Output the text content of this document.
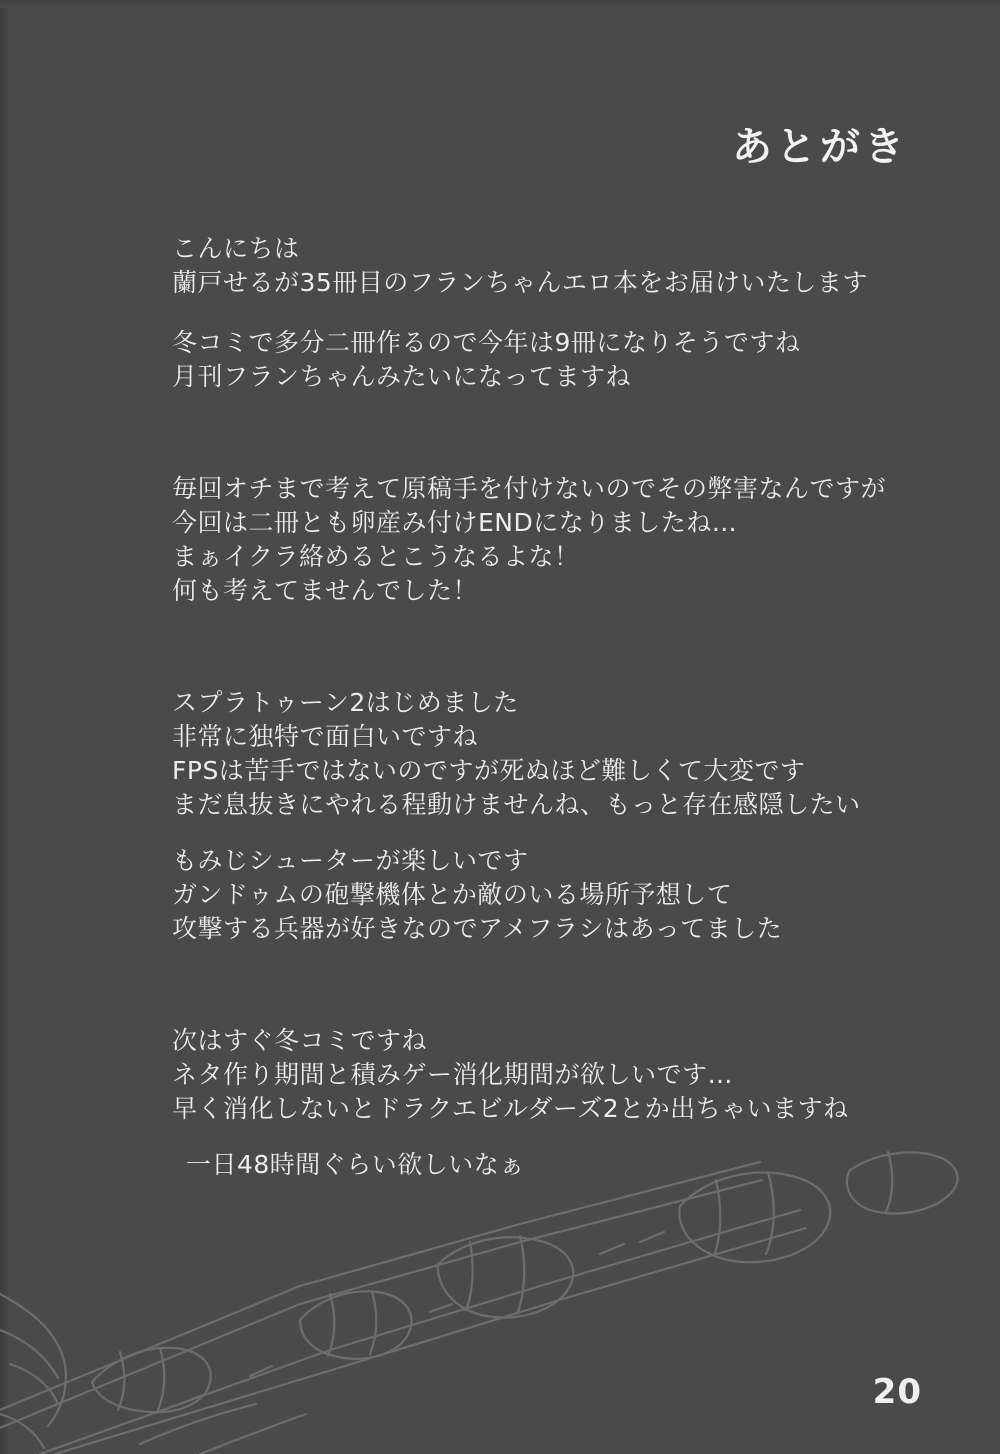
あとがき
こんにちは
蘭戸せるが35冊目のフランちゃんエロ本をお届けいたします
冬コミで多分二冊作るので今年は9冊になりそうですね
月刊フランちゃんみたいになってますね
毎回オチまで考えて原稿手を付けないのでその弊害なんですが
今回は二冊とも卵産み付けENDになりましたね…
まぁイクラ絡めるとこうなるよな！
何も考えてませんでした！
スプラトゥーン2はじめました
非常に独特で面白いですね
FPSは苦手ではないのですが死ぬほど難しくて大変です
まだ息抜きにやれる程動けませんね、もっと存在感隠したい
もみじシューターが楽しいです
ガンドゥムの砲撃機体とか敵のいる場所予想して
攻撃する兵器が好きなのでアメフラシはあってました
次はすぐ冬コミですね
ネタ作り期間と積みゲー消化期間が欲しいです…
早く消化しないとドラクエビルダーズ2とか出ちゃいますね
一日48時間ぐらい欲しいなぁ
20
